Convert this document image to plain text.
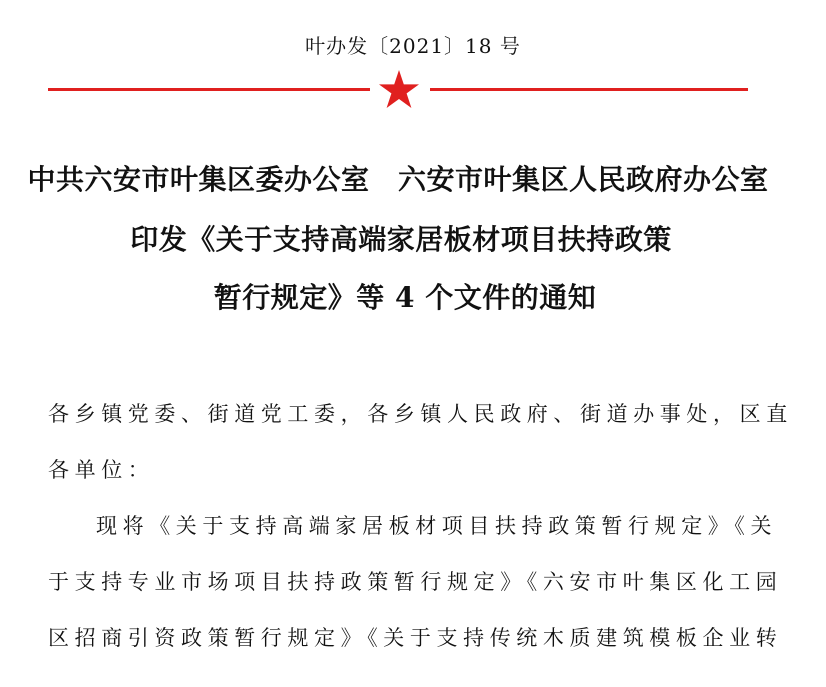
叶办发〔2021〕18 号
中共六安市叶集区委办公室　六安市叶集区人民政府办公室
印发《关于支持高端家居板材项目扶持政策
暂行规定》等 4 个文件的通知
各乡镇党委、街道党工委，各乡镇人民政府、街道办事处，区直
各单位：
现将《关于支持高端家居板材项目扶持政策暂行规定》《关
于支持专业市场项目扶持政策暂行规定》《六安市叶集区化工园
区招商引资政策暂行规定》《关于支持传统木质建筑模板企业转
